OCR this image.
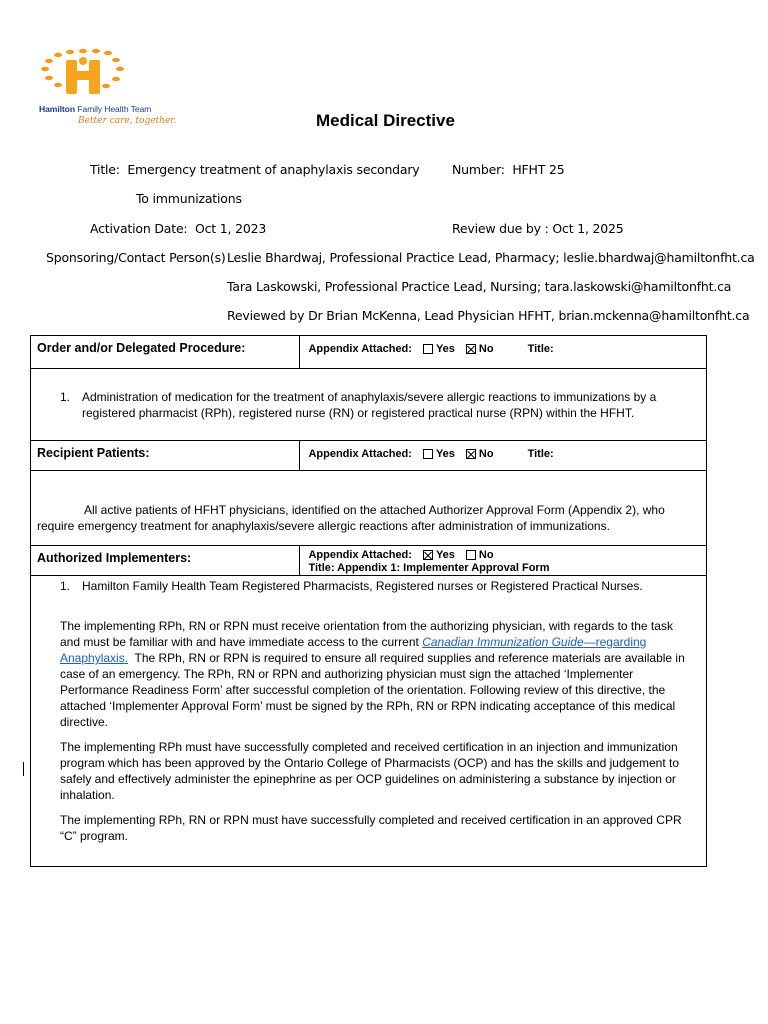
Hamilton Family Health Team
Better care, together.	Medical Directive
Title: Emergency treatment of anaphylaxis secondary	Number: HFHT 25
To immunizations
Activation Date: Oct 1, 2023	Review due by : Oct 1, 2025
Sponsoring/Contact Person(s) Leslie Bhardwaj, Professional Practice Lead, Pharmacy; leslie.bhardwaj@hamiltonfht.ca
Tara Laskowski, Professional Practice Lead, Nursing; tara.laskowski@hamiltonfht.ca
Reviewed by Dr Brian McKenna, Lead Physician HFHT, brian.mckenna@hamiltonfht.ca
Order and/or Delegated Procedure:	Appendix Attached: Yes No Title:

1. Administration of medication for the treatment of anaphylaxis/severe allergic reactions to immunizations by a registered pharmacist (RPh), registered nurse (RN) or registered practical nurse (RPN) within the HFHT.	

Recipient Patients:	Appendix Attached: Yes No Title:

All active patients of HFHT physicians, identified on the attached Authorizer Approval Form (Appendix 2), who require emergency treatment for anaphylaxis/severe allergic reactions after administration of immunizations.	

Authorized Implementers:	Appendix Attached: Yes No
Title: Appendix 1: Implementer Approval Form

1. Hamilton Family Health Team Registered Pharmacists, Registered nurses or Registered Practical Nurses.

The implementing RPh, RN or RPN must receive orientation from the authorizing physician, with regards to the task and must be familiar with and have immediate access to the current Canadian Immunization Guide—regarding Anaphylaxis. The RPh, RN or RPN is required to ensure all required supplies and reference materials are available in case of an emergency. The RPh, RN or RPN and authorizing physician must sign the attached ‘Implementer Performance Readiness Form’ after successful completion of the orientation. Following review of this directive, the attached ‘Implementer Approval Form’ must be signed by the RPh, RN or RPN indicating acceptance of this medical directive.

The implementing RPh must have successfully completed and received certification in an injection and immunization program which has been approved by the Ontario College of Pharmacists (OCP) and has the skills and judgement to safely and effectively administer the epinephrine as per OCP guidelines on administering a substance by injection or inhalation.

The implementing RPh, RN or RPN must have successfully completed and received certification in an approved CPR “C” program.	
